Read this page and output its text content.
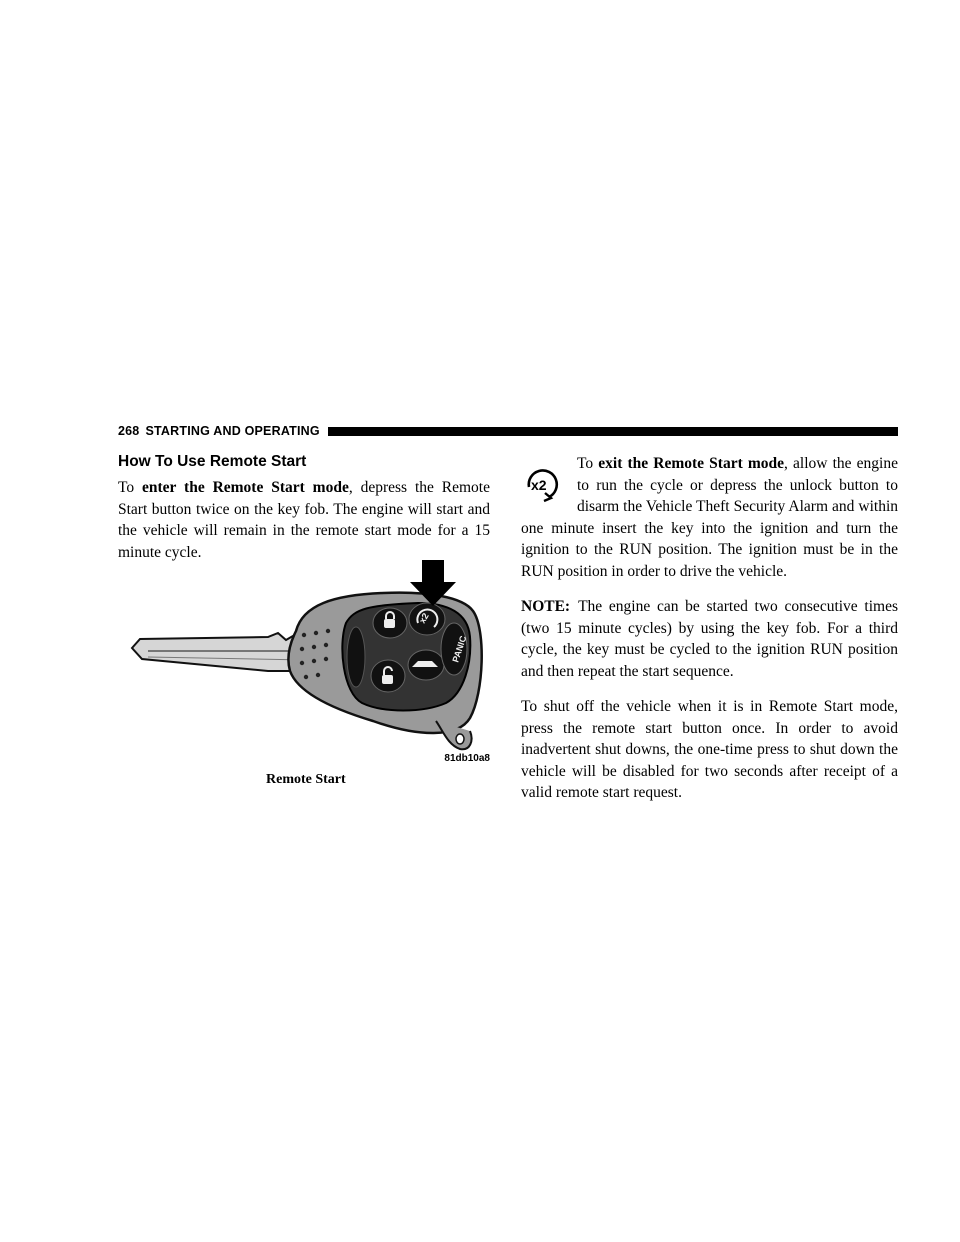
268 STARTING AND OPERATING
How To Use Remote Start

To enter the Remote Start mode, depress the Remote Start button twice on the key fob. The engine will start and the vehicle will remain in the remote start mode for a 15 minute cycle.

x2
PANIC
81db10a8
Remote Start

x2
To exit the Remote Start mode, allow the engine to run the cycle or depress the unlock button to disarm the Vehicle Theft Security Alarm and within one minute insert the key into the ignition and turn the ignition to the RUN position. The ignition must be in the RUN position in order to drive the vehicle.

NOTE: The engine can be started two consecutive times (two 15 minute cycles) by using the key fob. For a third cycle, the key must be cycled to the ignition RUN position and then repeat the start sequence.

To shut off the vehicle when it is in Remote Start mode, press the remote start button once. In order to avoid inadvertent shut downs, the one-time press to shut down the vehicle will be disabled for two seconds after receipt of a valid remote start request.
